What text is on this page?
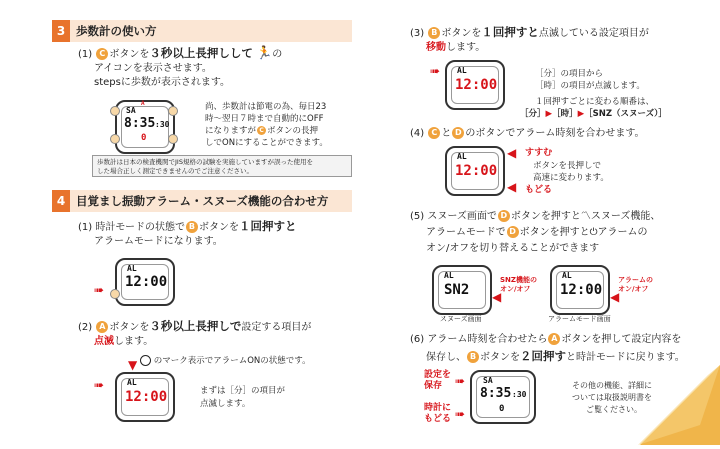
3 歩数計の使い方
(1) C ボタンを３秒以上長押しして 🏃の
アイコンを表示させます。
stepsに歩数が表示されます。
SA
A
8:35 :30
0
尚、歩数計は節電の為、毎日23
時〜翌日７時まで自動的にOFF
になりますが C ボタンの長押
しでONにすることができます。
歩数計は日本の検査機関でJIS規格の試験を実施していますが誤った使用を
した場合正しく測定できませんのでご注意ください。
4 目覚まし振動アラーム・スヌーズ機能の合わせ方
(1) 時計モードの状態で B ボタンを１回押すと
アラームモードになります。
AL
12:00
➠
(2) A ボタンを３秒以上長押しで設定する項目が
点滅します。
のマーク表示でアラームONの状態です。
AL
12:00
▼
➠	まずは［分］の項目が
点滅します。
(3) B ボタンを１回押すと点滅している設定項目が
移動します。
AL
12:00
➠	［分］の項目から
［時］の項目が点滅します。
１回押すごとに変わる順番は、
［分］▶［時］▶［SNZ（スヌーズ）］
(4) C と D のボタンでアラーム時刻を合わせます。
AL
12:00
◀
◀
すすむ
ボタンを長押しで
高速に変わります。
もどる
(5) スヌーズ画面で D ボタンを押すと〽スヌーズ機能、
アラームモードで D ボタンを押すと⏻アラームの
オン/オフを切り替えることができます
AL
SN2 ◀
SNZ機能の
オン/オフ
スヌーズ画面
AL
12:00 ◀
アラームの
オン/オフ
アラームモード画面
(6) アラーム時刻を合わせたら A ボタンを押して設定内容を
保存し、 B ボタンを２回押すと時計モードに戻ります。
設定を
保存
時計に
もどる
➠
➠
SA
8:35 :30
0
その他の機能、詳細に
ついては取扱説明書を
ご覧ください。
